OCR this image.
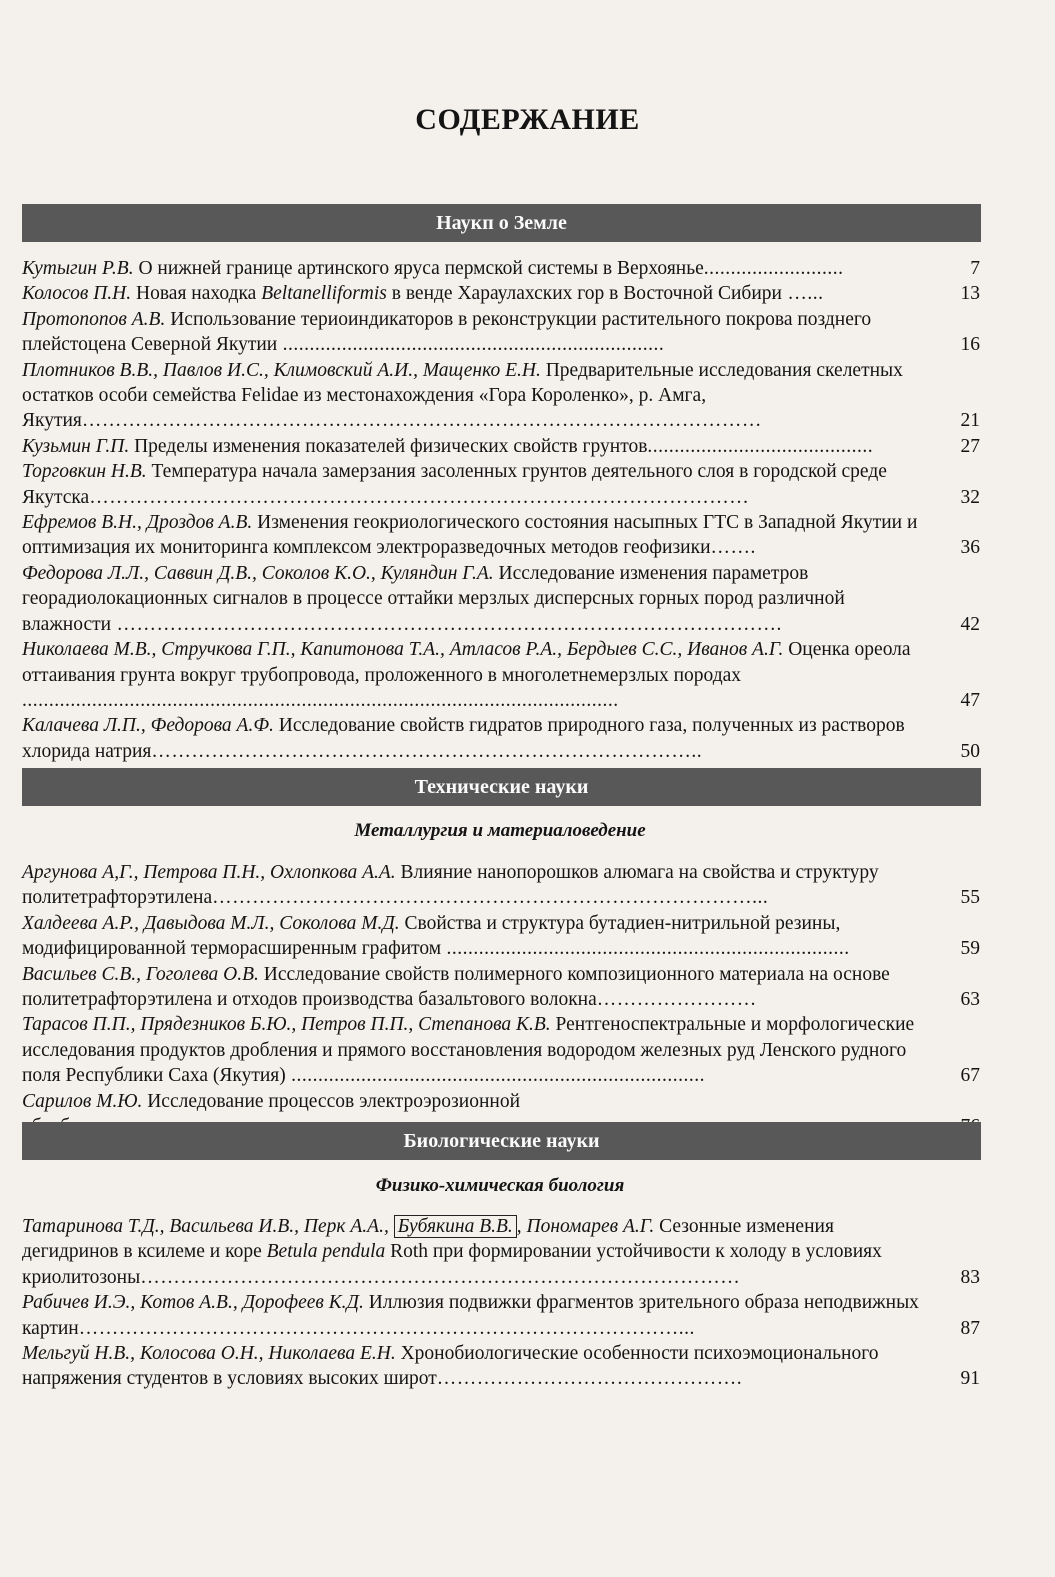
СОДЕРЖАНИЕ
Наукп о Земле
Кутыгин Р.В. О нижней границе артинского яруса пермской системы в Верхоянье..........................	7
Колосов П.Н. Новая находка Beltanelliformis в венде Хараулахских гор в Восточной Сибири …...	13
Протопопов А.В. Использование териоиндикаторов в реконструкции растительного покрова позднего плейстоцена Северной Якутии .......................................................................	16
Плотников В.В., Павлов И.С., Климовский А.И., Мащенко Е.Н. Предварительные исследования скелетных остатков особи семейства Felidae из местонахождения «Гора Короленко», р. Амга, Якутия…………………………………………………………………………………………	21
Кузьмин Г.П. Пределы изменения показателей физических свойств грунтов..........................................	27
Торговкин Н.В. Температура начала замерзания засоленных грунтов деятельного слоя в городской среде Якутска………………………………………………………………………………………	32
Ефремов В.Н., Дроздов А.В. Изменения геокриологического состояния насыпных ГТС в Западной Якутии и оптимизация их мониторинга комплексом электроразведочных методов геофизики…….	36
Федорова Л.Л., Саввин Д.В., Соколов К.О., Куляндин Г.А. Исследование изменения параметров георадиолокационных сигналов в процессе оттайки мерзлых дисперсных горных пород различной влажности ……………………………………………………………………………………….	42
Николаева М.В., Стручкова Г.П., Капитонова Т.А., Атласов Р.А., Бердыев С.С., Иванов А.Г. Оценка ореола оттаивания грунта вокруг трубопровода, проложенного в многолетнемерзлых породах ...............................................................................................................	47
Калачева Л.П., Федорова А.Ф. Исследование свойств гидратов природного газа, полученных из растворов хлорида натрия………………………………………………………………………..	50
Технические науки
Металлургия и материаловедение
Аргунова А,Г., Петрова П.Н., Охлопкова А.А. Влияние нанопорошков алюмага на свойства и структуру политетрафторэтилена………………………………………………………………………...	55
Халдеева А.Р., Давыдова М.Л., Соколова М.Д. Свойства и структура бутадиен-нитрильной резины, модифицированной терморасширенным графитом ...........................................................................	59
Васильев С.В., Гоголева О.В. Исследование свойств полимерного композиционного материала на основе политетрафторэтилена и отходов производства базальтового волокна……………………	63
Тарасов П.П., Прядезников Б.Ю., Петров П.П., Степанова К.В. Рентгеноспектральные и морфологические исследования продуктов дробления и прямого восстановления водородом железных руд Ленского рудного поля Республики Саха (Якутия) .............................................................................	67
Сарилов М.Ю. Исследование процессов электроэрозионной
Биологические науки
Физико-химическая биология
Татаринова Т.Д., Васильева И.В., Перк А.А., Бубякина В.В. , Пономарев А.Г. Сезонные изменения дегидринов в ксилеме и коре Betula pendula Roth при формировании устойчивости к холоду в условиях криолитозоны………………………………………………………………………………	83
Рабичев И.Э., Котов А.В., Дорофеев К.Д. Иллюзия подвижки фрагментов зрительного образа неподвижных картин………………………………………………………………………………...	87
Мельгуй Н.В., Колосова О.Н., Николаева Е.Н. Хронобиологические особенности психоэмоционального напряжения студентов в условиях высоких широт……………………………………….	91
